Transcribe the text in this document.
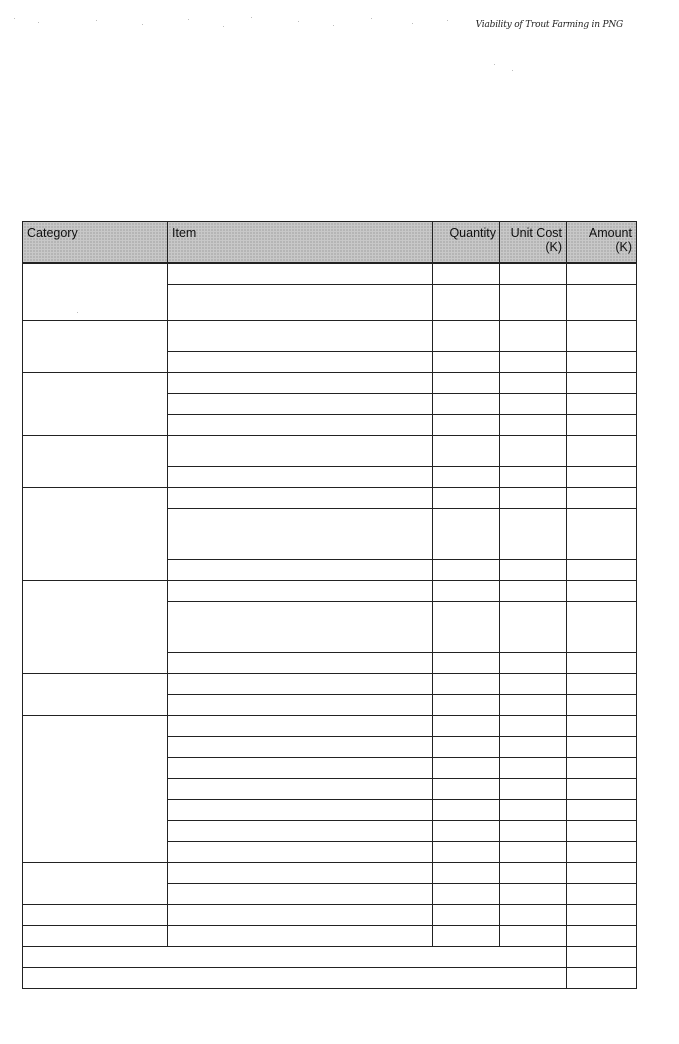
Viability of Trout Farming in PNG
Category	Item	Quantity	Unit Cost (K)	Amount (K)
